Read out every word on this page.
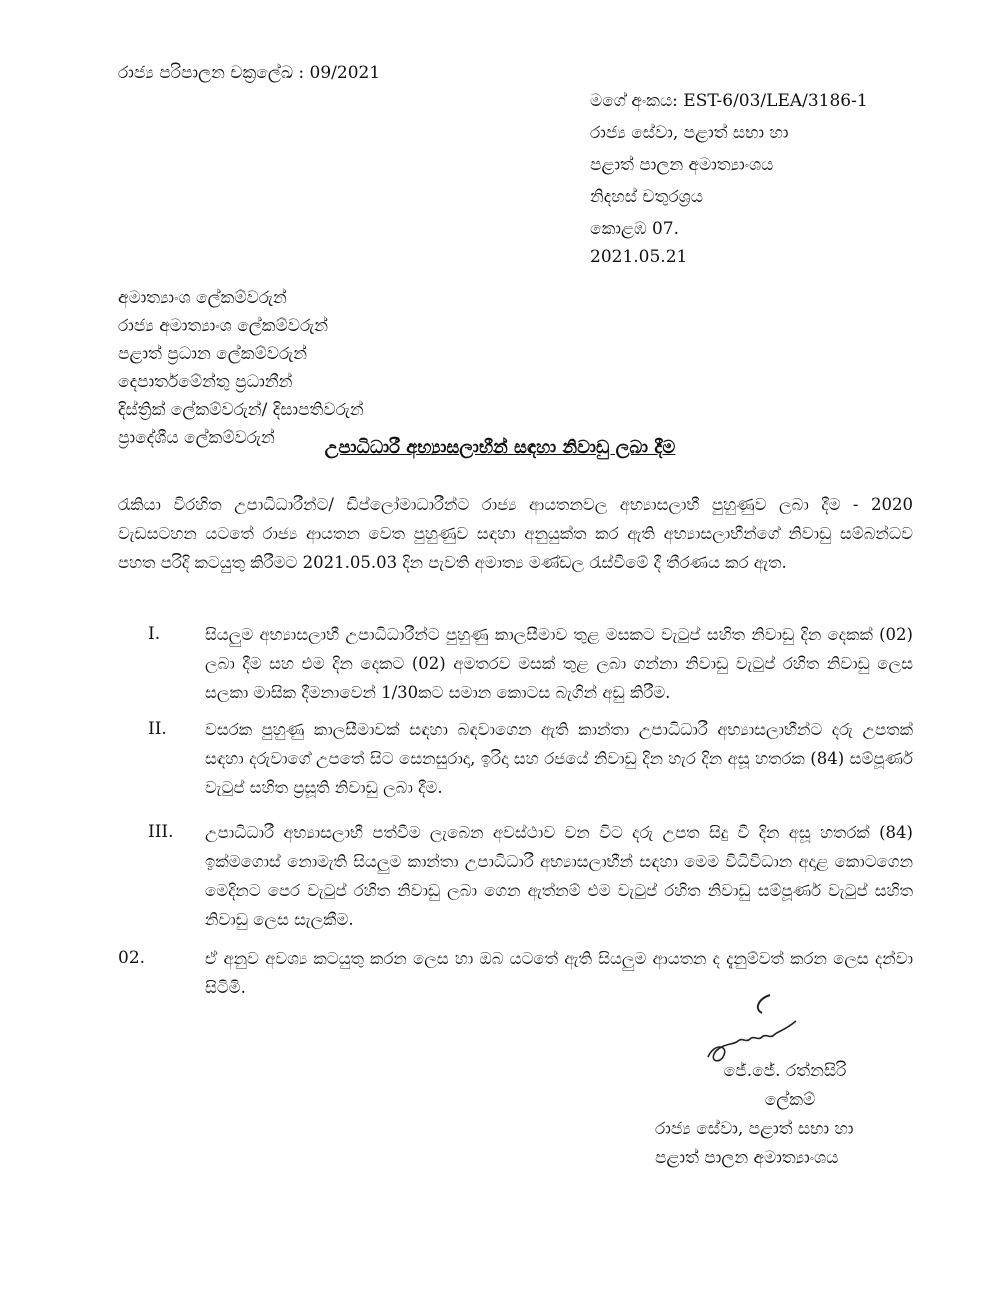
රාජ්‍ය පරිපාලන චක්‍රලේඛ : 09/2021
මගේ අංකය: EST-6/03/LEA/3186-1
රාජ්‍ය සේවා, පළාත් සභා හා
පළාත් පාලන අමාත්‍යාංශය
නිදහස් චතුරශ්‍රය
කොළඹ 07.
2021.05.21
අමාත්‍යාංශ ලේකම්වරුන්
රාජ්‍ය අමාත්‍යාංශ ලේකම්වරුන්
පළාත් ප්‍රධාන ලේකම්වරුන්
දෙපාර්තමේන්තු ප්‍රධානීන්
දිස්ත්‍රික් ලේකම්වරුන්/ දිසාපතිවරුන්
ප්‍රාදේශීය ලේකම්වරුන්	උපාධිධාරී අභ්‍යාසලාභීන් සඳහා නිවාඩු ලබා දීම
රැකියා විරහිත උපාධිධාරීන්ට/ ඩිප්ලෝමාධාරීන්ට රාජ්‍ය ආයතනවල අභ්‍යාසලාභී පුහුණුව ලබා දීම - 2020 වැඩසටහන යටතේ රාජ්‍ය ආයතන වෙත පුහුණුව සඳහා අනුයුක්ත කර ඇති අභ්‍යාසලාභීන්ගේ නිවාඩු සම්බන්ධව පහත පරිදි කටයුතු කිරීමට 2021.05.03 දින පැවති අමාත්‍ය මණ්ඩල රැස්වීමේ දී තීරණය කර ඇත.
I.	සියලුම අභ්‍යාසලාභී උපාධිධාරීන්ට පුහුණු කාලසීමාව තුළ මසකට වැටුප් සහිත නිවාඩු දින දෙකක් (02) ලබා දීම සහ එම දින දෙකට (02) අමතරව මසක් තුළ ලබා ගන්නා නිවාඩු වැටුප් රහිත නිවාඩු ලෙස සලකා මාසික දීමනාවෙන් 1/30කට සමාන කොටස බැගින් අඩු කිරීම.
II. වසරක පුහුණු කාලසීමාවක් සඳහා බඳවාගෙන ඇති කාන්තා උපාධිධාරී අභ්‍යාසලාභීන්ට දරු උපතක් සඳහා දරුවාගේ උපතේ සිට සෙනසුරාදා, ඉරිදා සහ රජයේ නිවාඩු දින හැර දින අසූ හතරක (84) සම්පූර්ණ වැටුප් සහිත ප්‍රසූති නිවාඩු ලබා දීම.
III. උපාධිධාරී අභ්‍යාසලාභී පත්වීම ලැබෙන අවස්ථාව වන විට දරු උපත සිදු වී දින අසූ හතරක් (84) ඉක්මගොස් නොමැති සියලුම කාන්තා උපාධිධාරී අභ්‍යාසලාභීන් සඳහා මෙම විධිවිධාන අදාළ කොටගෙන මෙදිනට පෙර වැටුප් රහිත නිවාඩු ලබා ගෙන ඇත්නම් එම වැටුප් රහිත නිවාඩු සම්පූර්ණ වැටුප් සහිත නිවාඩු ලෙස සැලකීම.
02.	ඒ අනුව අවශ්‍ය කටයුතු කරන ලෙස හා ඔබ යටතේ ඇති සියලුම ආයතන ද දැනුම්වත් කරන ලෙස දන්වා සිටිමි.
ජේ.ජේ. රත්නසිරි
ලේකම්
රාජ්‍ය සේවා, පළාත් සභා හා
පළාත් පාලන අමාත්‍යාංශය
